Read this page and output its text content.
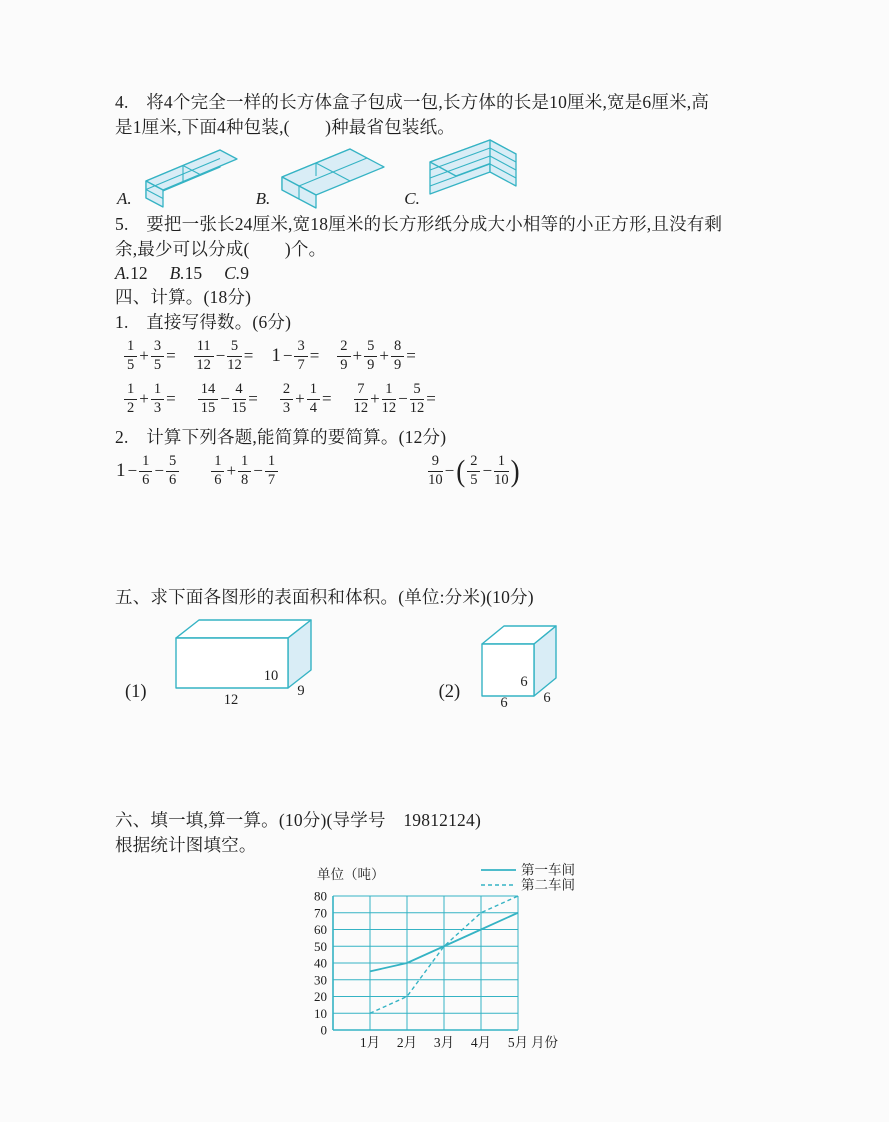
4.　将4个完全一样的长方体盒子包成一包,长方体的长是10厘米,宽是6厘米,高

是1厘米,下面4种包装,(　　)种最省包装纸。

A.	B.	C.

5.　要把一张长24厘米,宽18厘米的长方形纸分成大小相等的小正方形,且没有剩

余,最少可以分成(　　)个。

A.12 B.15 C.9

四、计算。(18分)

1.　直接写得数。(6分)

$\frac{1}{5} + \frac{3}{5} = \frac{11}{12} - \frac{5}{12} = 1 - \frac{3}{7} = \frac{2}{9} + \frac{5}{9} + \frac{8}{9}$ =
$\frac{1}{2} + \frac{1}{3} = \frac{14}{15} - \frac{4}{15} = \frac{2}{3} + \frac{1}{4} = \frac{7}{12} + \frac{1}{12} - \frac{5}{12}$ =

2.　计算下列各题,能简算的要简算。(12分)

$1 - \frac{1}{6} - \frac{5}{6} \frac{1}{6} + \frac{1}{8} - \frac{1}{7}$	$\frac{9}{10}$ − ( $\frac{2}{5} - \frac{1}{10}$ )

五、求下面各图形的表面积和体积。(单位:分米)(10分)

(1)
10
9
12	(2)
6
6
6

六、填一填,算一算。(10分)(导学号　19812124)

根据统计图填空。

0
10
20
30
40
50
60
70
80
1月 2月 3月 4月 5月 月份
单位（吨）	第一车间
第二车间
